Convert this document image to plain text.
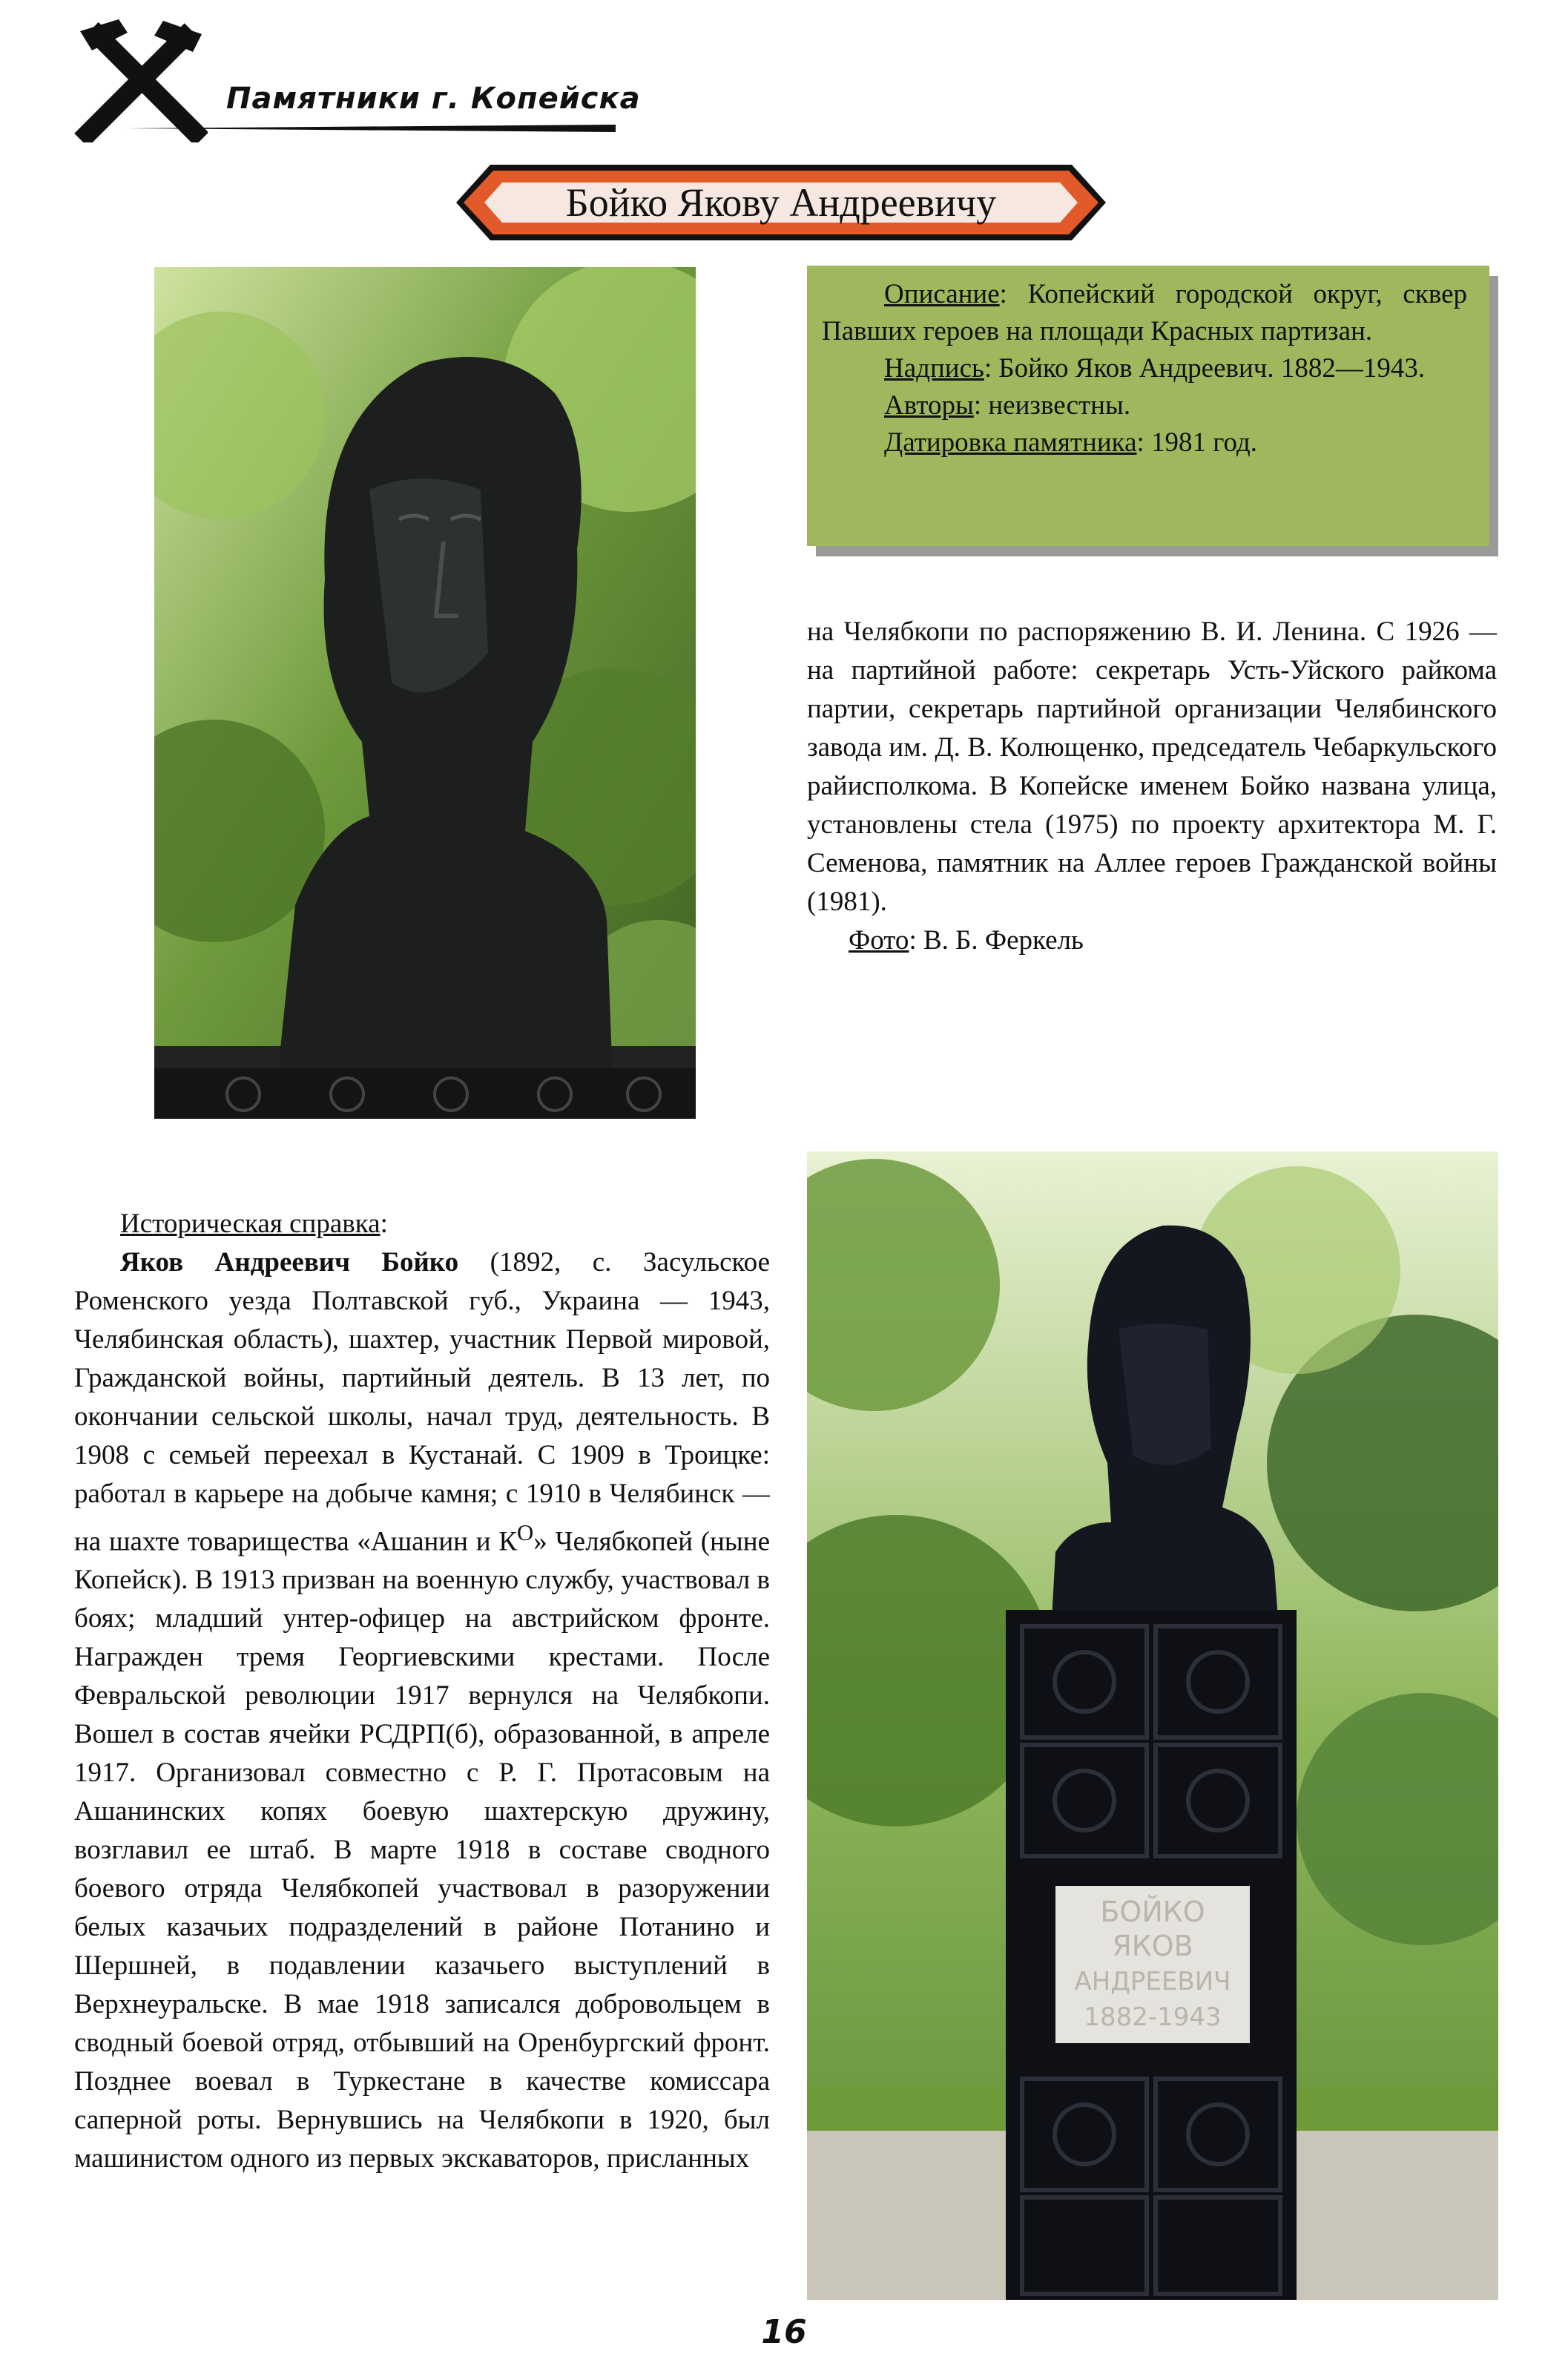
Памятники г. Копейска
Бойко Якову Андреевичу

Описание: Копейский городской округ, сквер Павших героев на площади Красных партизан.

Надпись: Бойко Яков Андреевич. 1882—1943.

Авторы: неизвестны.

Датировка памятника: 1981 год.

на Челябкопи по распоряжению В. И. Ленина. С 1926 — на партийной работе: секретарь Усть-Уйского райкома партии, секретарь партийной организации Челябинского завода им. Д. В. Колющенко, председатель Чебаркульского райисполкома. В Копейске именем Бойко названа улица, установлены стела (1975) по проекту архитектора М. Г. Семенова, памятник на Аллее героев Гражданской войны (1981).

Фото: В. Б. Феркель

Историческая справка:

Яков Андреевич Бойко (1892, с. Засульское Роменского уезда Полтавской губ., Украина — 1943, Челябинская область), шахтер, участник Первой мировой, Гражданской войны, партийный деятель. В 13 лет, по окончании сельской школы, начал труд, деятельность. В 1908 с семьей переехал в Кустанай. С 1909 в Троицке: работал в карьере на добыче камня; с 1910 в Челябинск — на шахте товарищества «Ашанин и $К^О$» Челябкопей (ныне Копейск). В 1913 призван на военную службу, участвовал в боях; младший унтер-офицер на австрийском фронте. Награжден тремя Георгиевскими крестами. После Февральской революции 1917 вернулся на Челябкопи. Вошел в состав ячейки РСДРП(б), образованной, в апреле 1917. Организовал совместно с Р. Г. Протасовым на Ашанинских копях боевую шахтерскую дружину, возглавил ее штаб. В марте 1918 в составе сводного боевого отряда Челябкопей участвовал в разоружении белых казачьих подразделений в районе Потанино и Шершней, в подавлении казачьего выступлений в Верхнеуральске. В мае 1918 записался добровольцем в сводный боевой отряд, отбывший на Оренбургский фронт. Позднее воевал в Туркестане в качестве комиссара саперной роты. Вернувшись на Челябкопи в 1920, был машинистом одного из первых экскаваторов, присланных

БОЙКО
ЯКОВ
АНДРЕЕВИЧ
1882-1943
16
